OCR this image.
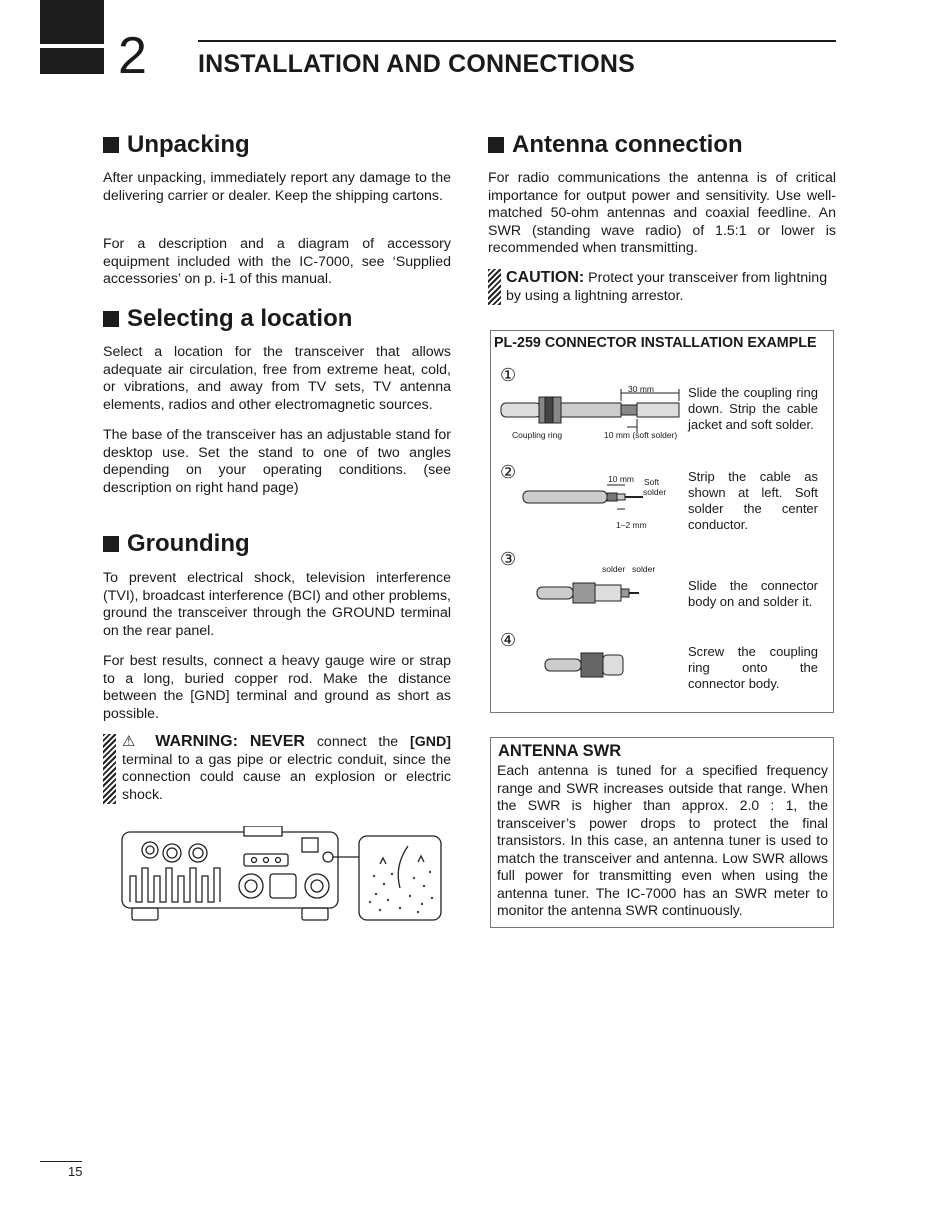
2 INSTALLATION AND CONNECTIONS
Unpacking
After unpacking, immediately report any damage to the delivering carrier or dealer. Keep the shipping cartons.
For a description and a diagram of accessory equipment included with the IC-7000, see ‘Supplied accessories’ on p. i-1 of this manual.
Selecting a location
Select a location for the transceiver that allows adequate air circulation, free from extreme heat, cold, or vibrations, and away from TV sets, TV antenna elements, radios and other electromagnetic sources.
The base of the transceiver has an adjustable stand for desktop use. Set the stand to one of two angles depending on your operating conditions. (see description on right hand page)
Grounding
To prevent electrical shock, television interference (TVI), broadcast interference (BCI) and other problems, ground the transceiver through the GROUND terminal on the rear panel.
For best results, connect a heavy gauge wire or strap to a long, buried copper rod. Make the distance between the [GND] terminal and ground as short as possible.
⚠ WARNING: NEVER connect the [GND] terminal to a gas pipe or electric conduit, since the connection could cause an explosion or electric shock.
Antenna connection
For radio communications the antenna is of critical importance for output power and sensitivity. Use well-matched 50-ohm antennas and coaxial feedline. An SWR (standing wave radio) of 1.5:1 or lower is recommended when transmitting.
CAUTION: Protect your transceiver from lightning by using a lightning arrestor.
PL-259 CONNECTOR INSTALLATION EXAMPLE
①
②
③
④
Slide the coupling ring down. Strip the cable jacket and soft solder.
Strip the cable as shown at left. Soft solder the center conductor.
Slide the connector body on and solder it.
Screw the coupling ring onto the connector body.
30 mm
Coupling ring	10 mm (soft solder)
10 mm Soft
solder
1–2 mm
solder solder
ANTENNA SWR
Each antenna is tuned for a specified frequency range and SWR increases outside that range. When the SWR is higher than approx. 2.0 : 1, the transceiver’s power drops to protect the final transistors. In this case, an antenna tuner is used to match the transceiver and antenna. Low SWR allows full power for transmitting even when using the antenna tuner. The IC-7000 has an SWR meter to monitor the antenna SWR continuously.
15
